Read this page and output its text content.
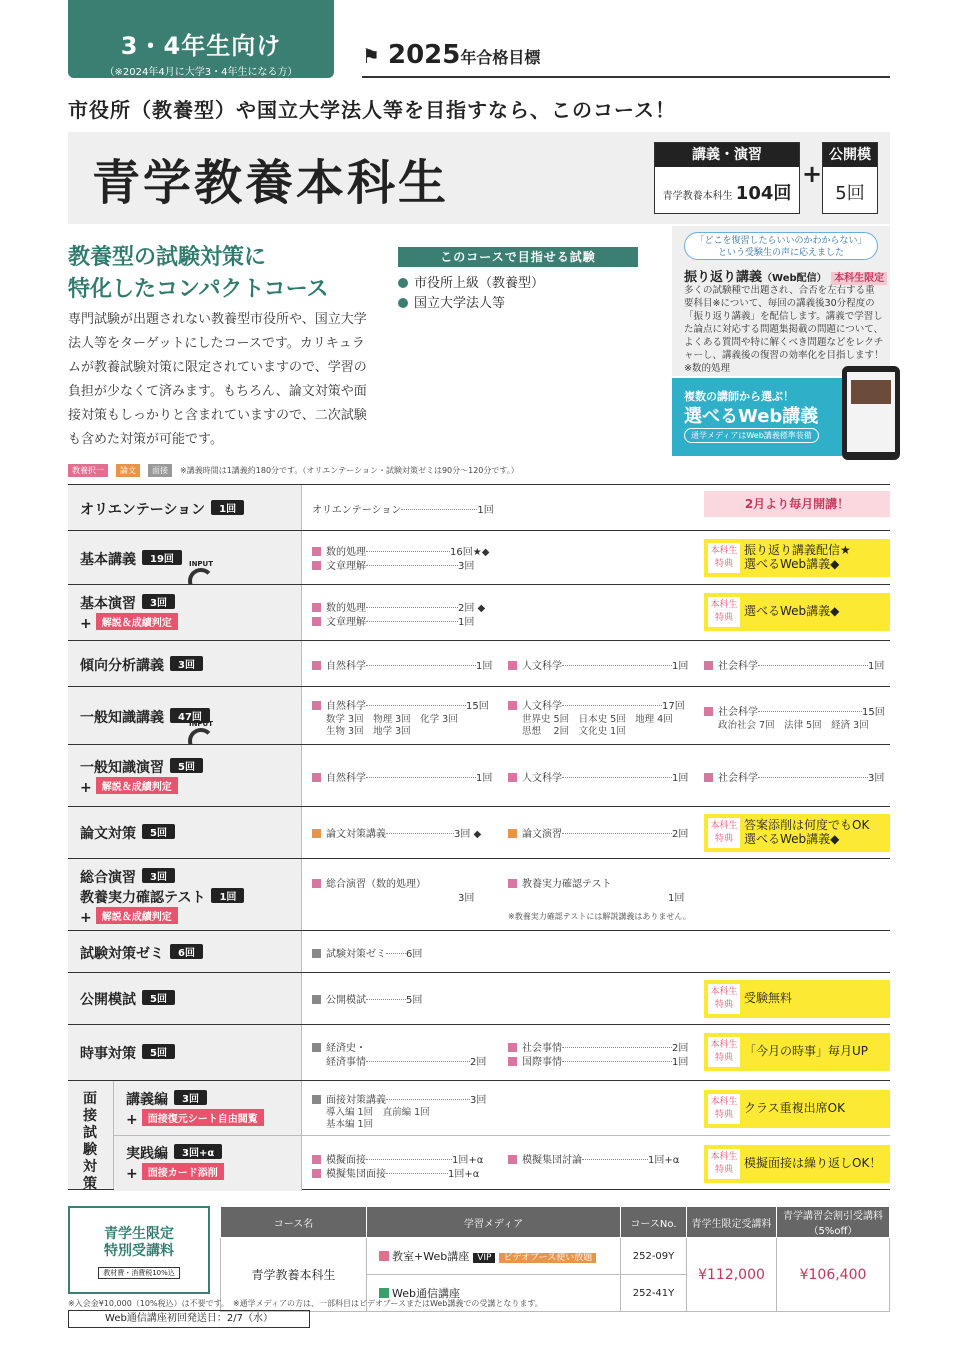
3・4年生向け
（※2024年4月に大学3・4年生になる方）
⚑ 2025年合格目標
市役所（教養型）や国立大学法人等を目指すなら、このコース！
青学教養本科生	講義・演習
青学教養本科生 104回
+
公開模試
5回
教養型の試験対策に
特化したコンパクトコース
専門試験が出題されない教養型市役所や、国立大学法人等をターゲットにしたコースです。カリキュラムが教養試験対策に限定されていますので、学習の負担が少なくて済みます。もちろん、論文対策や面接対策もしっかりと含まれていますので、二次試験も含めた対策が可能です。
このコースで目指せる試験
市役所上級（教養型）
国立大学法人等
振り返り講義（Web配信） 本科生限定
多くの試験種で出題され、合否を左右する重要科目※について、毎回の講義後30分程度の「振り返り講義」を配信します。講義で学習した論点に対応する問題集掲載の問題について、よくある質問や特に解くべき問題などをレクチャーし、講義後の復習の効率化を目指します！
※数的処理
「どこを復習したらいいのかわからない」
という受験生の声に応えました
複数の講師から選ぶ！
選べるWeb講義
通学メディアはWeb講義標準装備
教養択一 論文 面接 ※講義時間は1講義約180分です。（オリエンテーション・試験対策ゼミは90分～120分です。）
オリエンテーション 1回	オリエンテーション	1回	2月より毎月開講！
基本講義 19回
数的処理	16回★◆
文章理解	3回
本科生特典
振り返り講義配信★
選べるWeb講義◆
INPUT
基本演習 3回
+ 解説＆成績判定
数的処理	2回 ◆
文章理解	1回
本科生特典 選べるWeb講義◆
傾向分析講義 3回	自然科学	1回	人文科学	1回	社会科学	1回
一般知識講義 47回
自然科学	15回
数学 3回　物理 3回　化学 3回
生物 3回　地学 3回
人文科学	17回
世界史 5回　日本史 5回　地理 4回
思想　 2回　文化史 1回
社会科学	15回
政治社会 7回　法律 5回　経済 3回
INPUT
一般知識演習 5回
+ 解説＆成績判定
自然科学	1回	人文科学	1回	社会科学	3回
論文対策 5回	論文対策講義	3回 ◆	論文演習	2回
本科生特典
答案添削は何度でもOK
選べるWeb講義◆
総合演習 3回
教養実力確認テスト 1回
+ 解説＆成績判定
総合演習（数的処理）
3回
教養実力確認テスト
1回
※教養実力確認テストには解説講義はありません。
試験対策ゼミ 6回	試験対策ゼミ 6回
公開模試 5回	公開模試	5回
本科生特典 受験無料
時事対策 5回	経済史・
経済事情	2回
社会事情	2回
国際事情	1回
本科生特典 「今月の時事」毎月UP
面接試験対策
講義編 3回
+ 面接復元シート自由閲覧
実践編 3回+α
+ 面接カード添削
面接対策講義	3回
導入編 1回　直前編 1回
基本編 1回
本科生特典 クラス重複出席OK
模擬面接	1回+α
模擬集団面接	1回+α
模擬集団討論	1回+α	本科生特典 模擬面接は繰り返しOK！
青学生限定
特別受講料
教材費・消費税10%込
コース名	学習メディア	コースNo.	青学生限定受講料	青学講習会割引受講料（5%off）
青学教養本科生	教室+Web講座 VIP ビデオブース使い放題	252-09Y	¥112,000	¥106,400
	Web通信講座	252-41Y		
※入会金¥10,000（10%税込）は不要です。　※通学メディアの方は、一部科目はビデオブースまたはWeb講義での受講となります。
Web通信講座初回発送日：2/7（水）
